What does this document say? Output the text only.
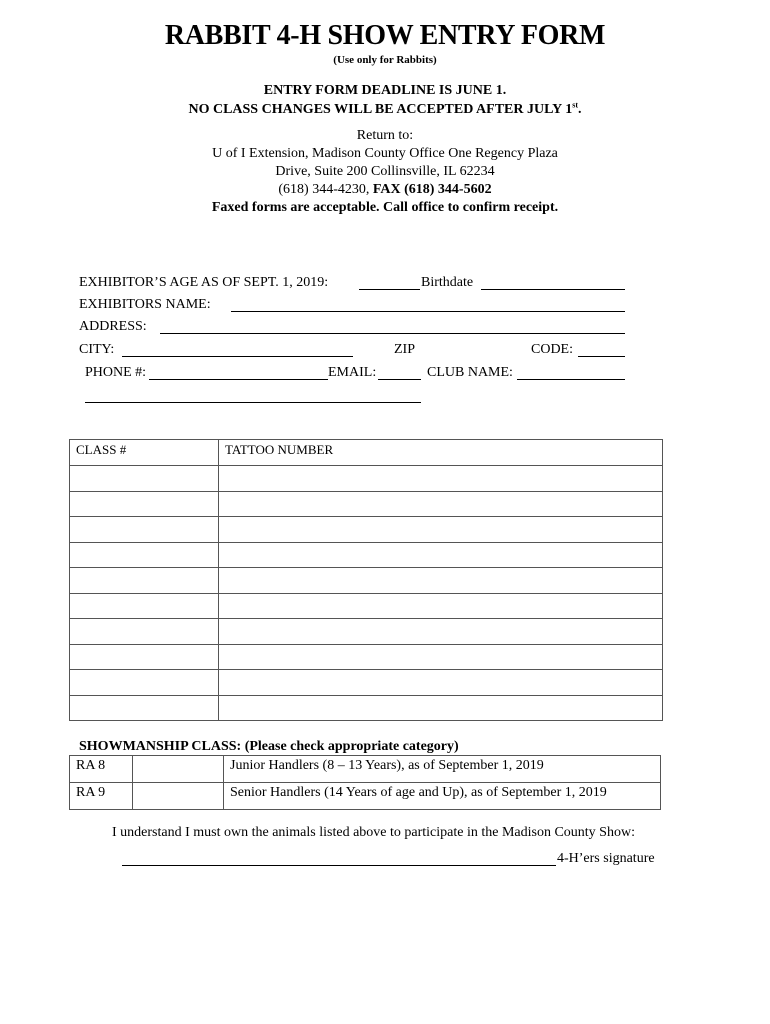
RABBIT 4-H SHOW ENTRY FORM
(Use only for Rabbits)
ENTRY FORM DEADLINE IS JUNE 1.
NO CLASS CHANGES WILL BE ACCEPTED AFTER JULY 1st.
Return to:
U of I Extension, Madison County Office One Regency Plaza
Drive, Suite 200 Collinsville, IL 62234
(618) 344-4230, FAX (618) 344-5602
Faxed forms are acceptable. Call office to confirm receipt.
EXHIBITOR’S AGE AS OF SEPT. 1, 2019:	Birthdate
EXHIBITORS NAME:
ADDRESS:
CITY:	ZIP	CODE:
PHONE #:	EMAIL:	CLUB NAME:
CLASS #	TATTOO NUMBER

SHOWMANSHIP CLASS: (Please check appropriate category)
RA 8		Junior Handlers (8 – 13 Years), as of September 1, 2019
RA 9		Senior Handlers (14 Years of age and Up), as of September 1, 2019
I understand I must own the animals listed above to participate in the Madison County Show:
4-H’ers signature
